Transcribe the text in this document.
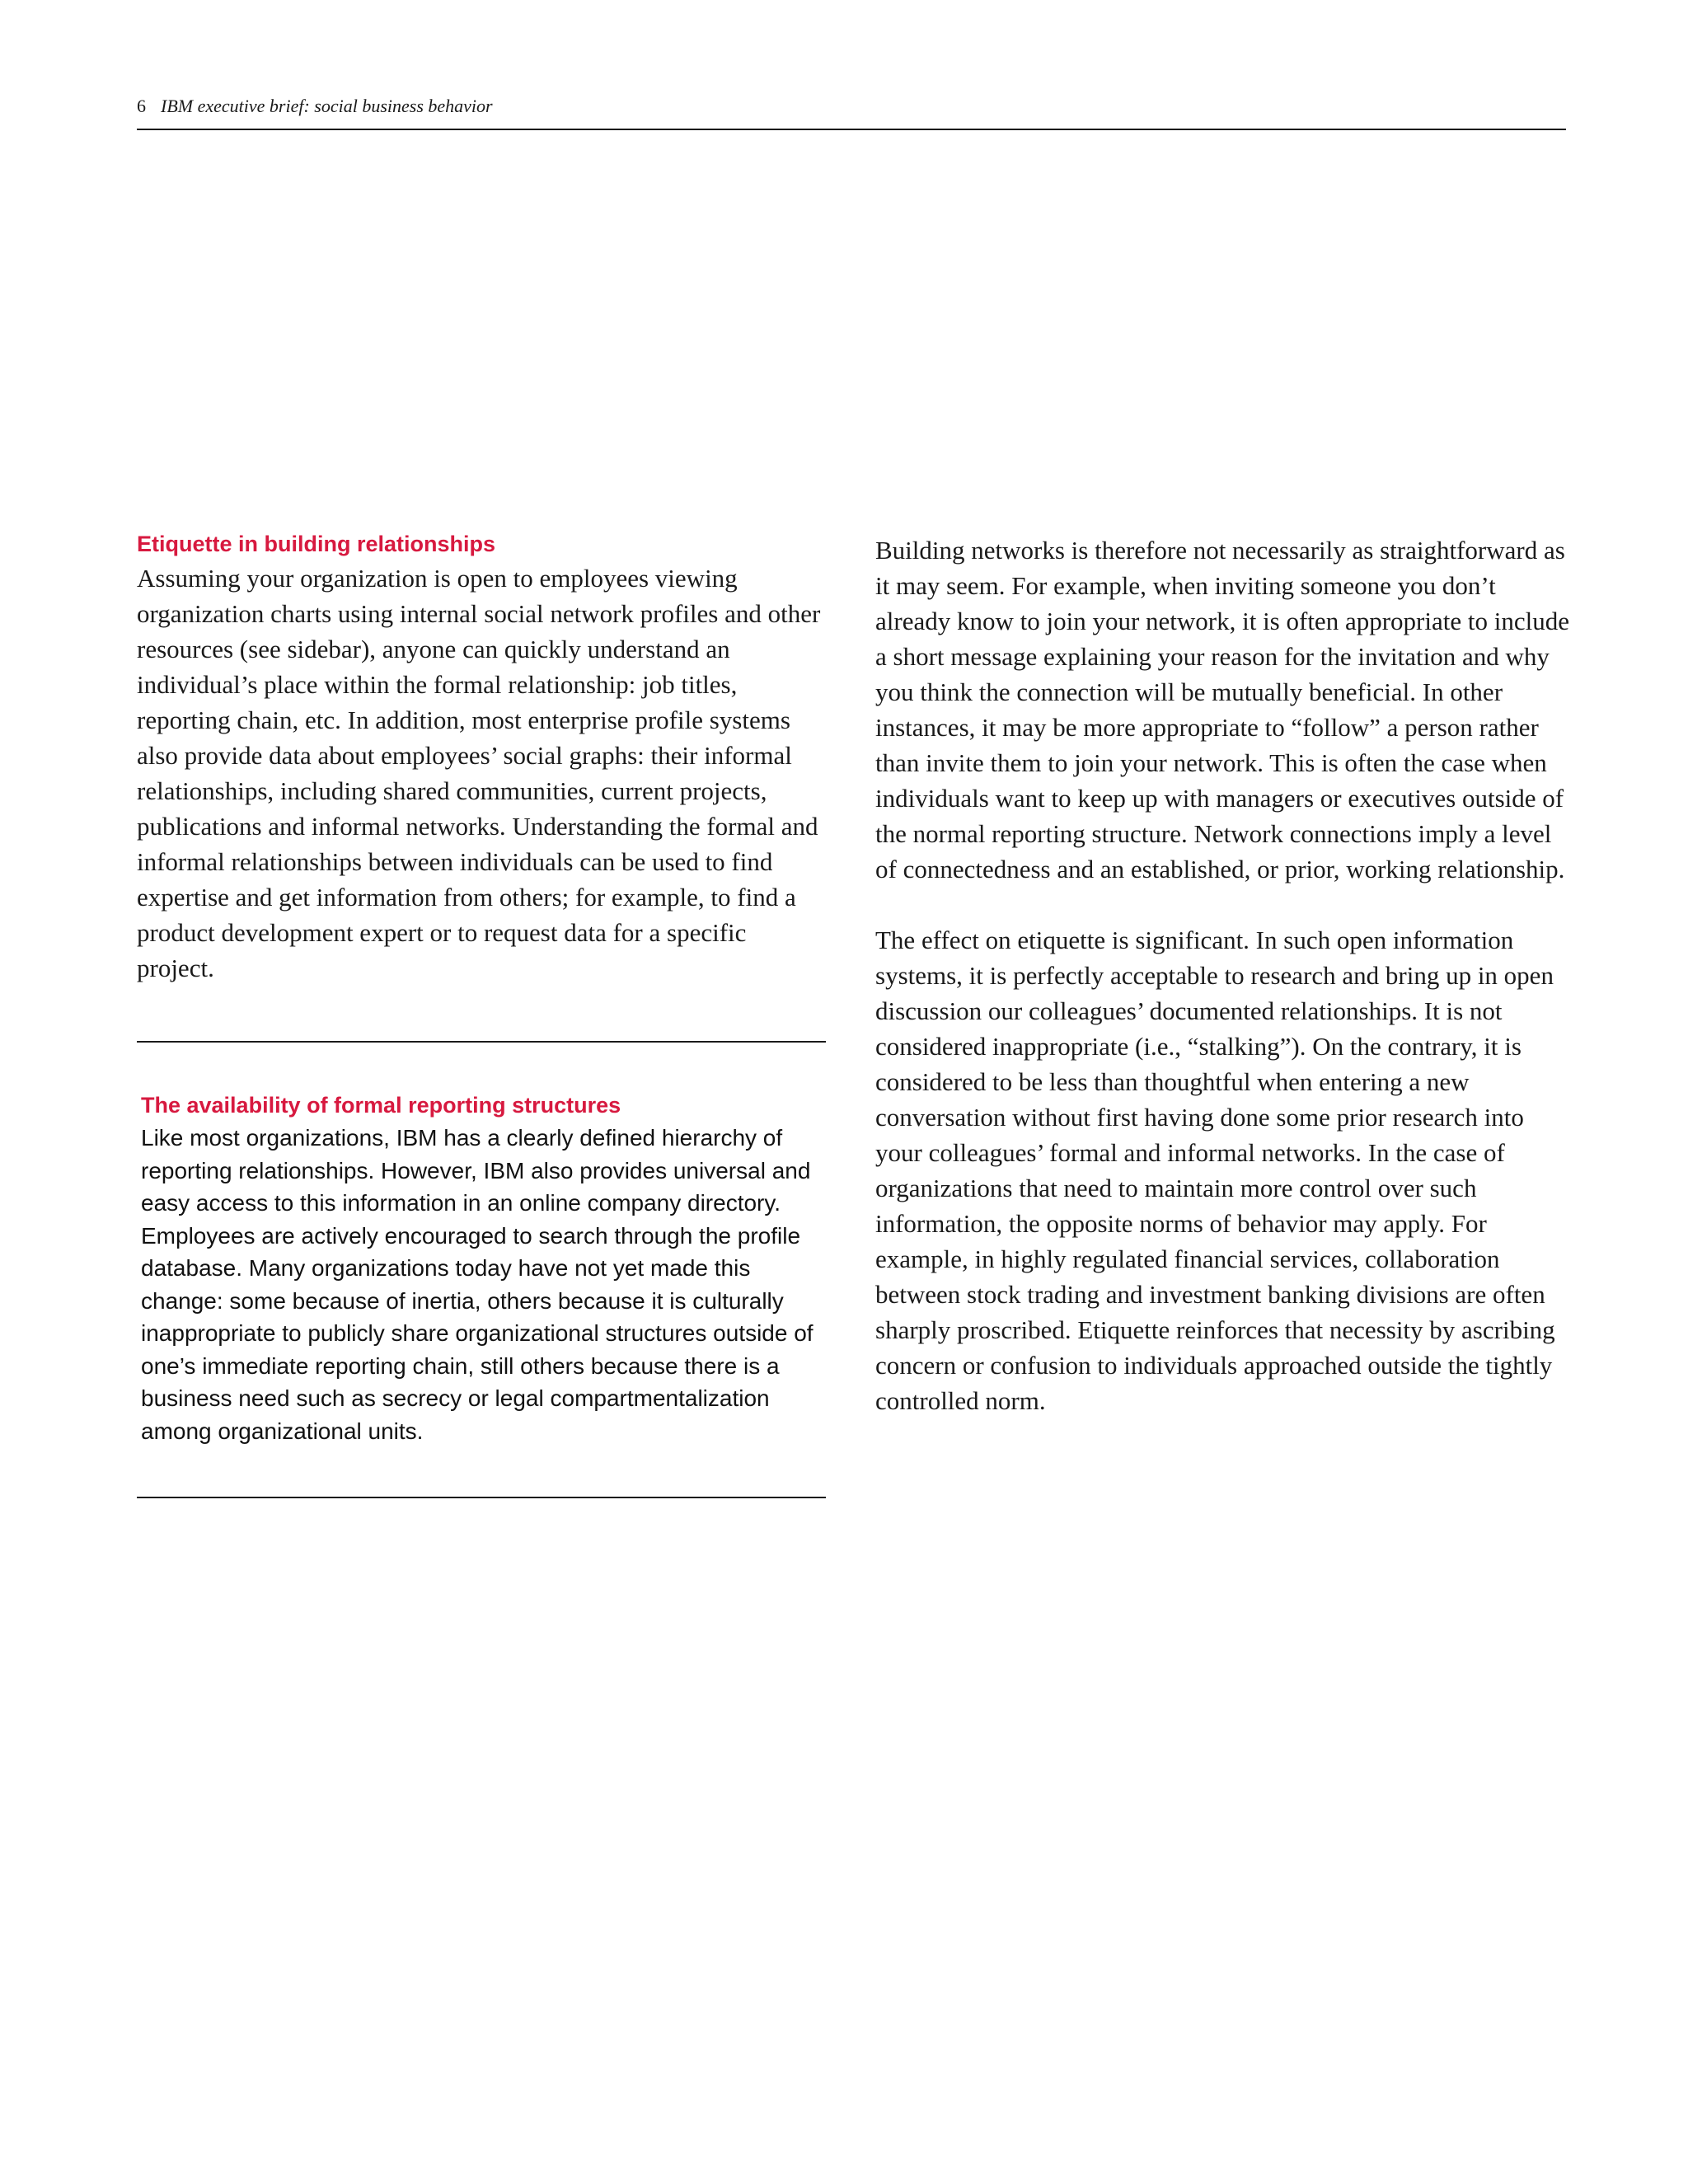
6 IBM executive brief: social business behavior
Etiquette in building relationships

Assuming your organization is open to employees viewing organization charts using internal social network profiles and other resources (see sidebar), anyone can quickly understand an individual’s place within the formal relationship: job titles, reporting chain, etc. In addition, most enterprise profile systems also provide data about employees’ social graphs: their informal relationships, including shared communities, current projects, publications and informal networks. Understanding the formal and informal relationships between individuals can be used to find expertise and get information from others; for example, to find a product development expert or to request data for a specific project.

The availability of formal reporting structures

Like most organizations, IBM has a clearly defined hierarchy of reporting relationships. However, IBM also provides universal and easy access to this information in an online company directory. Employees are actively encouraged to search through the profile database. Many organizations today have not yet made this change: some because of inertia, others because it is culturally inappropriate to publicly share organizational structures outside of one’s immediate reporting chain, still others because there is a business need such as secrecy or legal compartmentalization among organizational units.

Building networks is therefore not necessarily as straightforward as it may seem. For example, when inviting someone you don’t already know to join your network, it is often appropriate to include a short message explaining your reason for the invitation and why you think the connection will be mutually beneficial. In other instances, it may be more appropriate to “follow” a person rather than invite them to join your network. This is often the case when individuals want to keep up with managers or executives outside of the normal reporting structure. Network connections imply a level of connectedness and an established, or prior, working relationship.

The effect on etiquette is significant. In such open information systems, it is perfectly acceptable to research and bring up in open discussion our colleagues’ documented relationships. It is not considered inappropriate (i.e., “stalking”). On the contrary, it is considered to be less than thoughtful when entering a new conversation without first having done some prior research into your colleagues’ formal and informal networks. In the case of organizations that need to maintain more control over such information, the opposite norms of behavior may apply. For example, in highly regulated financial services, collaboration between stock trading and investment banking divisions are often sharply proscribed. Etiquette reinforces that necessity by ascribing concern or confusion to individuals approached outside the tightly controlled norm.
